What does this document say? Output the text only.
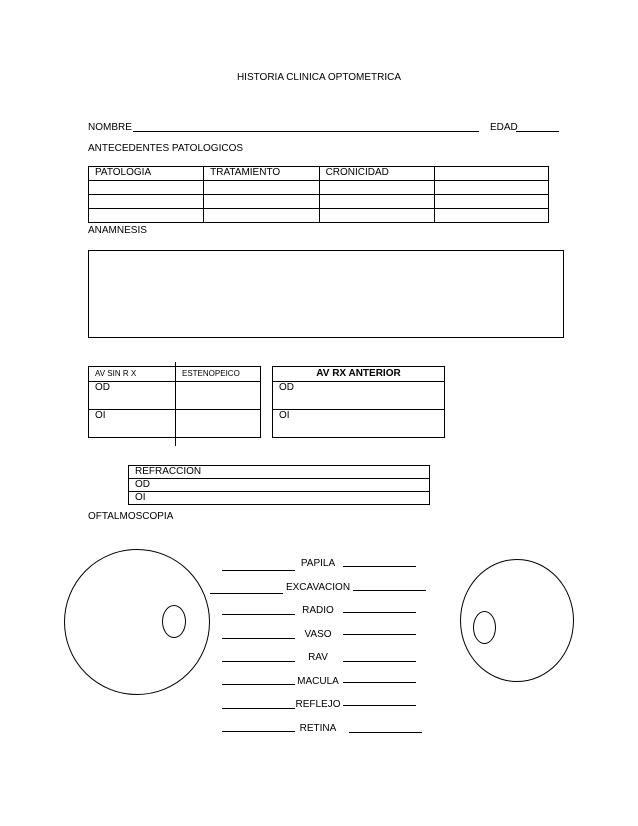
HISTORIA CLINICA OPTOMETRICA
NOMBRE	EDAD
ANTECEDENTES PATOLOGICOS
PATOLOGIA	TRATAMIENTO	CRONICIDAD	

ANAMNESIS
AV SIN R X	ESTENOPEICO
OD	
OI	
AV RX ANTERIOR
OD
OI
REFRACCION
OD
OI
OFTALMOSCOPIA
PAPILA
EXCAVACION
RADIO
VASO
RAV
MACULA
REFLEJO
RETINA
